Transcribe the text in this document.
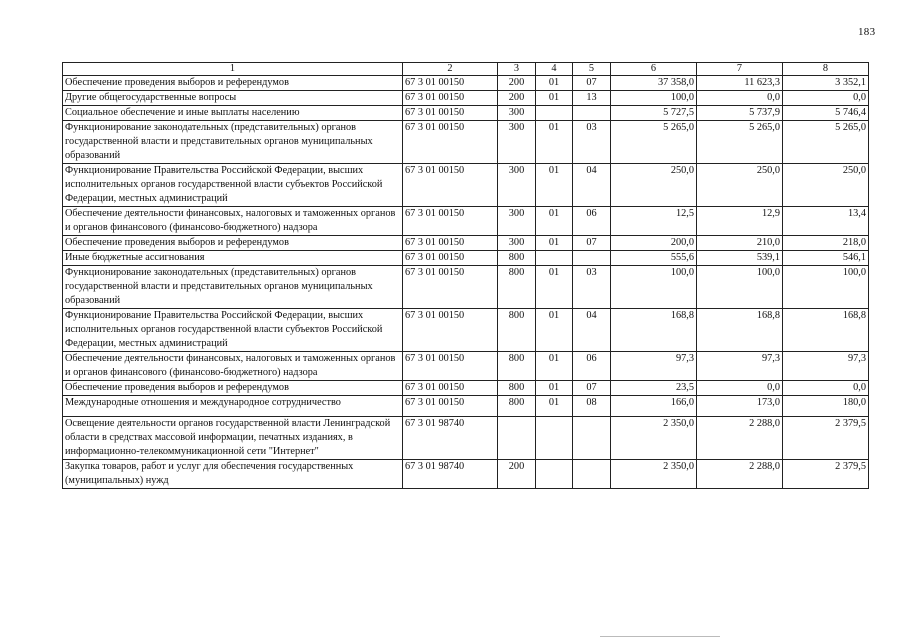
183
1	2	3	4	5	6	7	8
Обеспечение проведения выборов и референдумов	67 3 01 00150	200	01	07	37 358,0	11 623,3	3 352,1
Другие общегосударственные вопросы	67 3 01 00150	200	01	13	100,0	0,0	0,0
Социальное обеспечение и иные выплаты населению	67 3 01 00150	300			5 727,5	5 737,9	5 746,4
Функционирование законодательных (представительных) органов государственной власти и представительных органов муниципальных образований	67 3 01 00150	300	01	03	5 265,0	5 265,0	5 265,0
Функционирование Правительства Российской Федерации, высших исполнительных органов государственной власти субъектов Российской Федерации, местных администраций	67 3 01 00150	300	01	04	250,0	250,0	250,0
Обеспечение деятельности финансовых, налоговых и таможенных органов и органов финансового (финансово-бюджетного) надзора	67 3 01 00150	300	01	06	12,5	12,9	13,4
Обеспечение проведения выборов и референдумов	67 3 01 00150	300	01	07	200,0	210,0	218,0
Иные бюджетные ассигнования	67 3 01 00150	800			555,6	539,1	546,1
Функционирование законодательных (представительных) органов государственной власти и представительных органов муниципальных образований	67 3 01 00150	800	01	03	100,0	100,0	100,0
Функционирование Правительства Российской Федерации, высших исполнительных органов государственной власти субъектов Российской Федерации, местных администраций	67 3 01 00150	800	01	04	168,8	168,8	168,8
Обеспечение деятельности финансовых, налоговых и таможенных органов и органов финансового (финансово-бюджетного) надзора	67 3 01 00150	800	01	06	97,3	97,3	97,3
Обеспечение проведения выборов и референдумов	67 3 01 00150	800	01	07	23,5	0,0	0,0
Международные отношения и международное сотрудничество	67 3 01 00150	800	01	08	166,0	173,0	180,0
Освещение деятельности органов государственной власти Ленинградской области в средствах массовой информации, печатных изданиях, в информационно-телекоммуникационной сети "Интернет"	67 3 01 98740				2 350,0	2 288,0	2 379,5
Закупка товаров, работ и услуг для обеспечения государственных (муниципальных) нужд	67 3 01 98740	200			2 350,0	2 288,0	2 379,5
